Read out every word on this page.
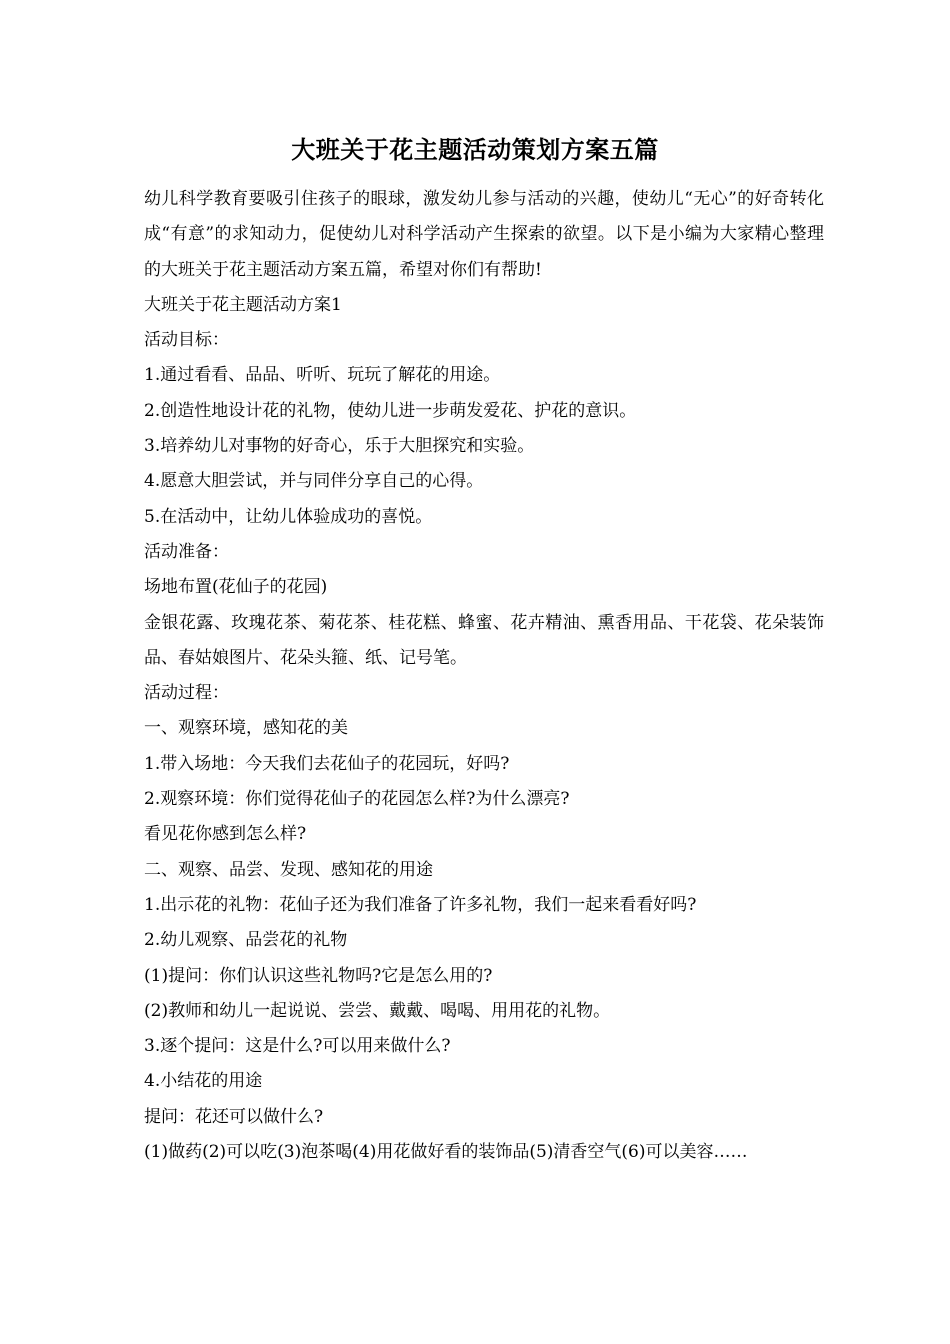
大班关于花主题活动策划方案五篇

幼儿科学教育要吸引住孩子的眼球，激发幼儿参与活动的兴趣，使幼儿“无心”的好奇转化成“有意”的求知动力，促使幼儿对科学活动产生探索的欲望。以下是小编为大家精心整理的大班关于花主题活动方案五篇，希望对你们有帮助!

大班关于花主题活动方案1

活动目标：

1.通过看看、品品、听听、玩玩了解花的用途。

2.创造性地设计花的礼物，使幼儿进一步萌发爱花、护花的意识。

3.培养幼儿对事物的好奇心，乐于大胆探究和实验。

4.愿意大胆尝试，并与同伴分享自己的心得。

5.在活动中，让幼儿体验成功的喜悦。

活动准备：

场地布置(花仙子的花园)

金银花露、玫瑰花茶、菊花茶、桂花糕、蜂蜜、花卉精油、熏香用品、干花袋、花朵装饰品、春姑娘图片、花朵头箍、纸、记号笔。

活动过程：

一、观察环境，感知花的美

1.带入场地：今天我们去花仙子的花园玩，好吗?

2.观察环境：你们觉得花仙子的花园怎么样?为什么漂亮?

看见花你感到怎么样?

二、观察、品尝、发现、感知花的用途

1.出示花的礼物：花仙子还为我们准备了许多礼物，我们一起来看看好吗?

2.幼儿观察、品尝花的礼物

(1)提问：你们认识这些礼物吗?它是怎么用的?

(2)教师和幼儿一起说说、尝尝、戴戴、喝喝、用用花的礼物。

3.逐个提问：这是什么?可以用来做什么?

4.小结花的用途

提问：花还可以做什么?

(1)做药(2)可以吃(3)泡茶喝(4)用花做好看的装饰品(5)清香空气(6)可以美容……
